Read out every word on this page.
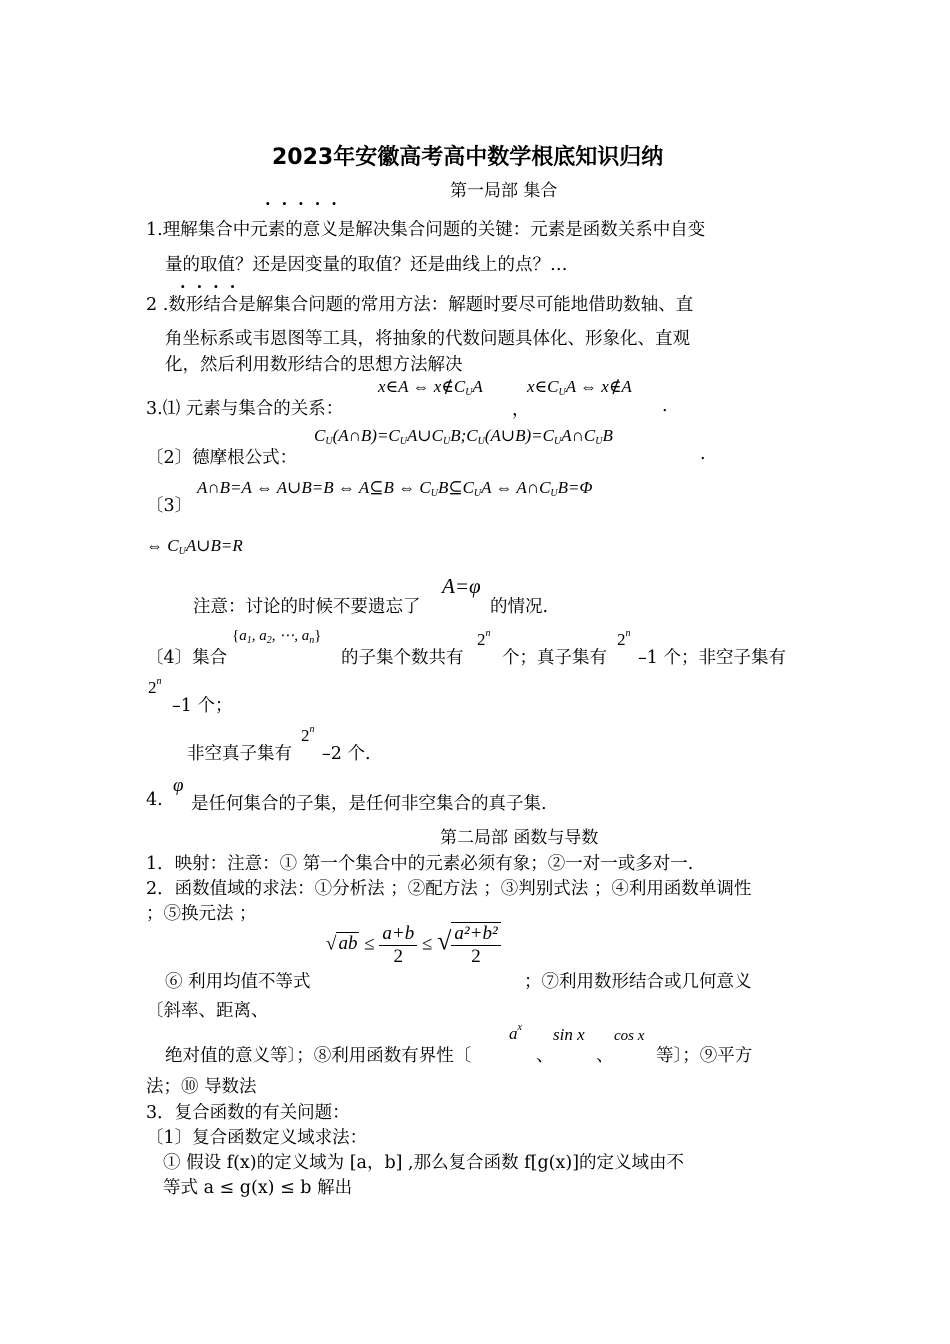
2023年安徽高考高中数学根底知识归纳
第一局部 集合
.....
1.理解集合中元素的意义是解决集合问题的关键：元素是函数关系中自变
量的取值？还是因变量的取值？还是曲线上的点？…
....
2 .数形结合是解集合问题的常用方法：解题时要尽可能地借助数轴、直
角坐标系或韦恩图等工具，将抽象的代数问题具体化、形象化、直观
化，然后利用数形结合的思想方法解决
3.⑴ 元素与集合的关系：
x∈A ⇔ $x\notin C_UA$
，
$x\in C_UA$ ⇔ x∉A
.
〔2〕德摩根公式：
$C_U(A\cap B)=C_UA\cup C_UB;C_U(A\cup B)=C_UA\cap C_UB$
.
〔3〕
A∩B=A ⇔ A∪B=B ⇔ A⊆B ⇔ $C_UB⊆C_UA$ ⇔ $A\cap C_UB=\Phi$
⇔ $C_UA\cup B=R$
注意：讨论的时候不要遗忘了
A=φ
的情况.
〔4〕集合
{$a_1$, $a_2$, ⋯, $a_n$}
的子集个数共有
2$^n$
个；真子集有
2$^n$
–1 个；非空子集有
2$^n$
–1 个；
非空真子集有
2$^n$
–2 个.
4.
φ
是任何集合的子集，是任何非空集合的真子集.
第二局部 函数与导数
1．映射：注意：① 第一个集合中的元素必须有象；②一对一或多对一.
2．函数值域的求法：①分析法 ；②配方法 ；③判别式法 ；④利用函数单调性
；⑤换元法 ；
√ ab ≤ $\frac{a+b}{2}$ ≤ √ $\frac{\text{a²+b²}}{2}$
⑥ 利用均值不等式	；⑦利用数形结合或几何意义
〔斜率、距离、
绝对值的意义等〕；⑧利用函数有界性〔
$a^x$
、
sin x
、
cos x
等〕；⑨平方
法；⑩ 导数法
3．复合函数的有关问题：
〔1〕复合函数定义域求法：
① 假设 f(x)的定义域为 [a，b] ,那么复合函数 f[g(x)]的定义域由不
等式 a ≤ g(x) ≤ b 解出
